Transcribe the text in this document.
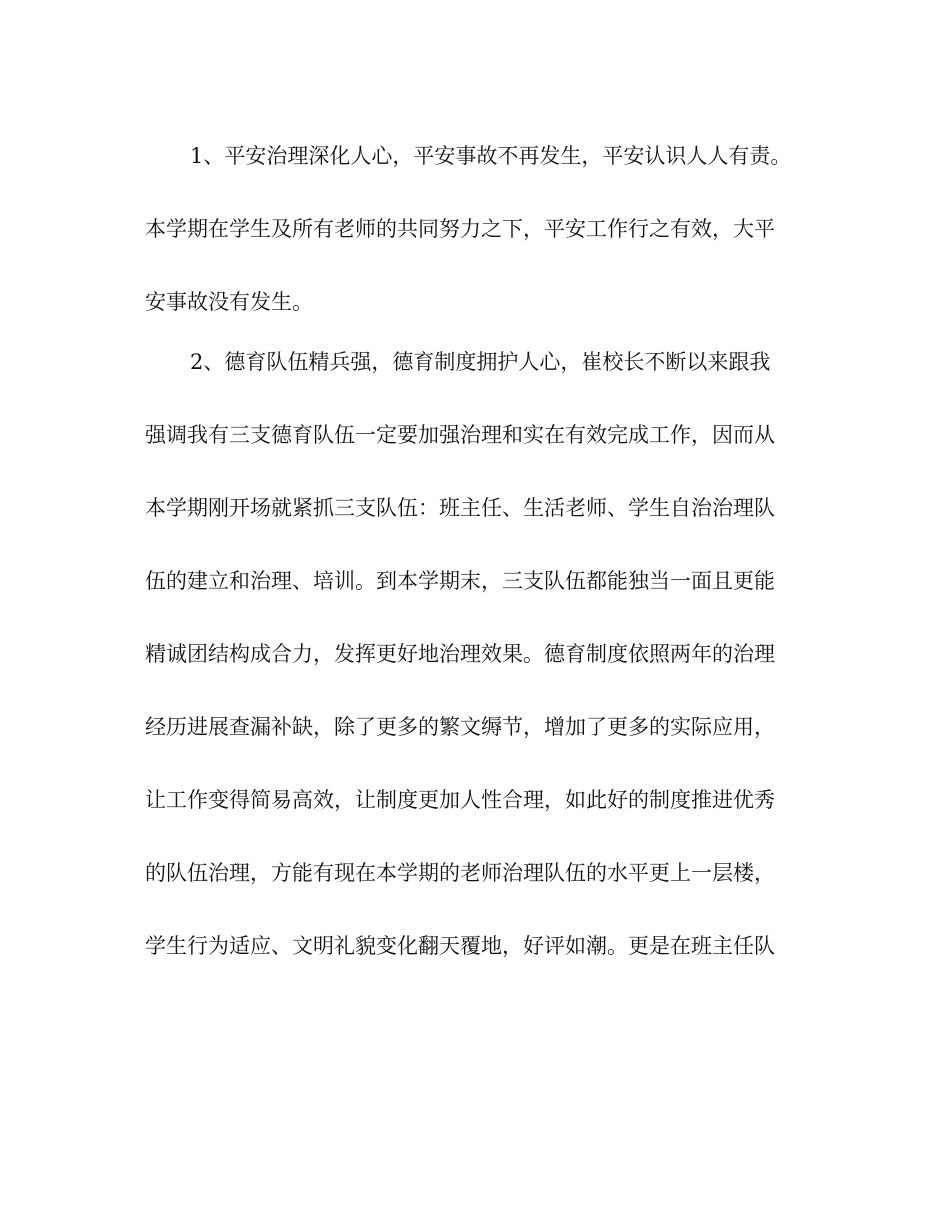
1、平安治理深化人心，平安事故不再发生，平安认识人人有责。
本学期在学生及所有老师的共同努力之下，平安工作行之有效，大平
安事故没有发生。
2、德育队伍精兵强，德育制度拥护人心，崔校长不断以来跟我
强调我有三支德育队伍一定要加强治理和实在有效完成工作，因而从
本学期刚开场就紧抓三支队伍：班主任、生活老师、学生自治治理队
伍的建立和治理、培训。到本学期末，三支队伍都能独当一面且更能
精诚团结构成合力，发挥更好地治理效果。德育制度依照两年的治理
经历进展查漏补缺，除了更多的繁文缛节，增加了更多的实际应用，
让工作变得简易高效，让制度更加人性合理，如此好的制度推进优秀
的队伍治理，方能有现在本学期的老师治理队伍的水平更上一层楼，
学生行为适应、文明礼貌变化翻天覆地，好评如潮。更是在班主任队
